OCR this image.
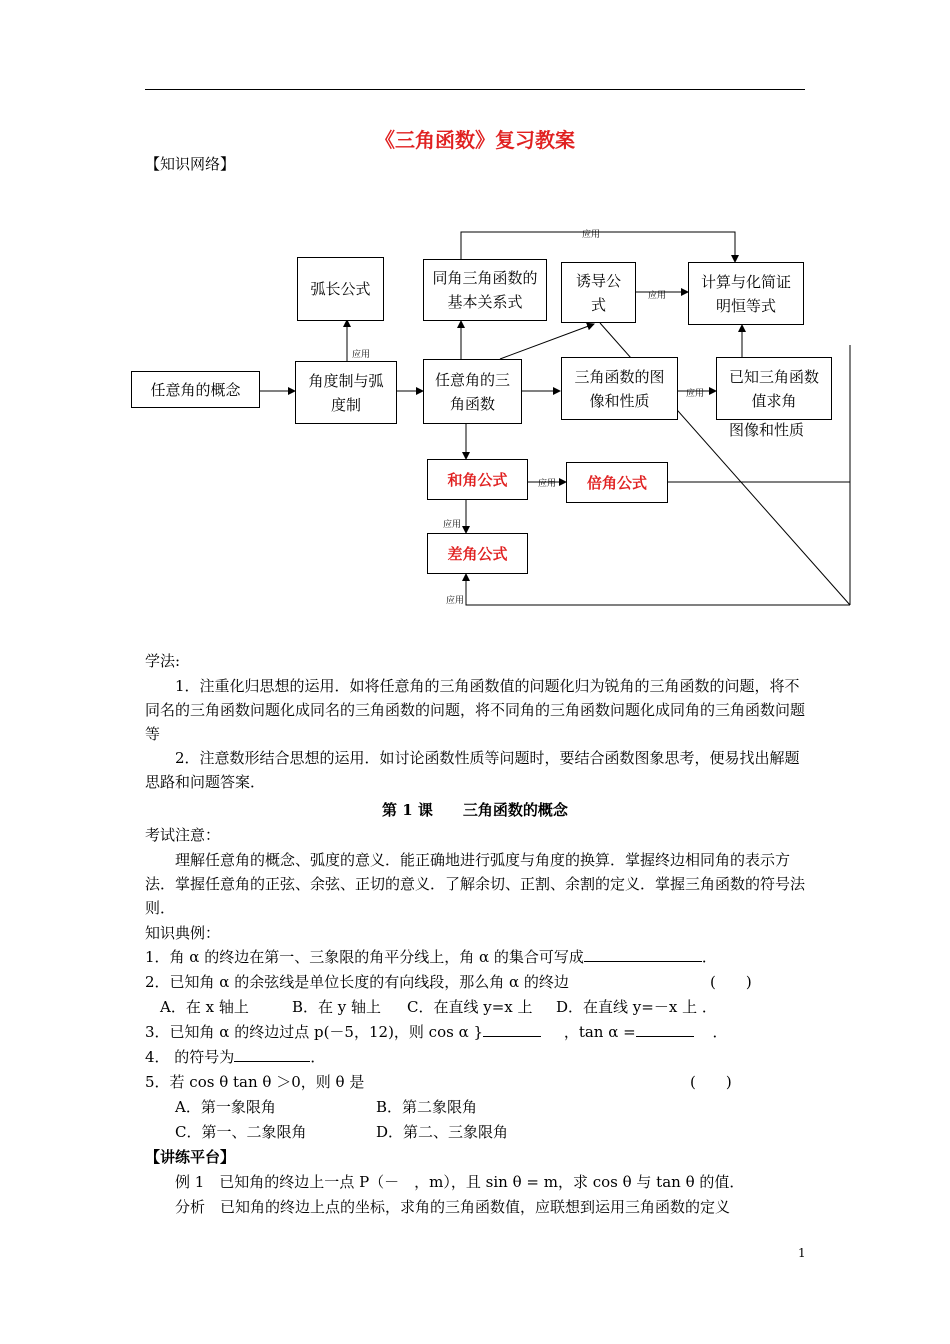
《三角函数》复习教案
【知识网络】
弧长公式
同角三角函数的基本关系式
诱导公式
计算与化简证明恒等式
任意角的概念	角度制与弧度制
任意角的三角函数
三角函数的图像和性质
已知三角函数值求角
图像和性质
和角公式	倍角公式
差角公式
应用
应用
应用
应用
应用
应用
应用
学法:
1．注重化归思想的运用．如将任意角的三角函数值的问题化归为锐角的三角函数的问题，将不同名的三角函数问题化成同名的三角函数的问题，将不同角的三角函数问题化成同角的三角函数问题等
2．注意数形结合思想的运用．如讨论函数性质等问题时，要结合函数图象思考，便易找出解题思路和问题答案．
第 1 课　　三角函数的概念
考试注意：
理解任意角的概念、弧度的意义．能正确地进行弧度与角度的换算．掌握终边相同角的表示方法．掌握任意角的正弦、余弦、正切的意义．了解余切、正割、余割的定义．掌握三角函数的符号法则．
知识典例：
1．角 α 的终边在第一、三象限的角平分线上，角 α 的集合可写成	．
2．已知角 α 的余弦线是单位长度的有向线段，那么角 α 的终边	(　　)
A．在 x 轴上	B．在 y 轴上 C．在直线 y=x 上 D．在直线 y=－x 上 ．
3．已知角 α 的终边过点 p(－5，12)，则 cos α }	，tan α =	．
4． 的符号为	．
5．若 cos θ tan θ ＞0，则 θ 是	(　　)
A．第一象限角	B．第二象限角
C．第一、二象限角	D．第二、三象限角
【讲练平台】
例 1　已知角的终边上一点 P（－　，m），且 sin θ = m，求 cos θ 与 tan θ 的值．
分析　已知角的终边上点的坐标，求角的三角函数值，应联想到运用三角函数的定义
1
